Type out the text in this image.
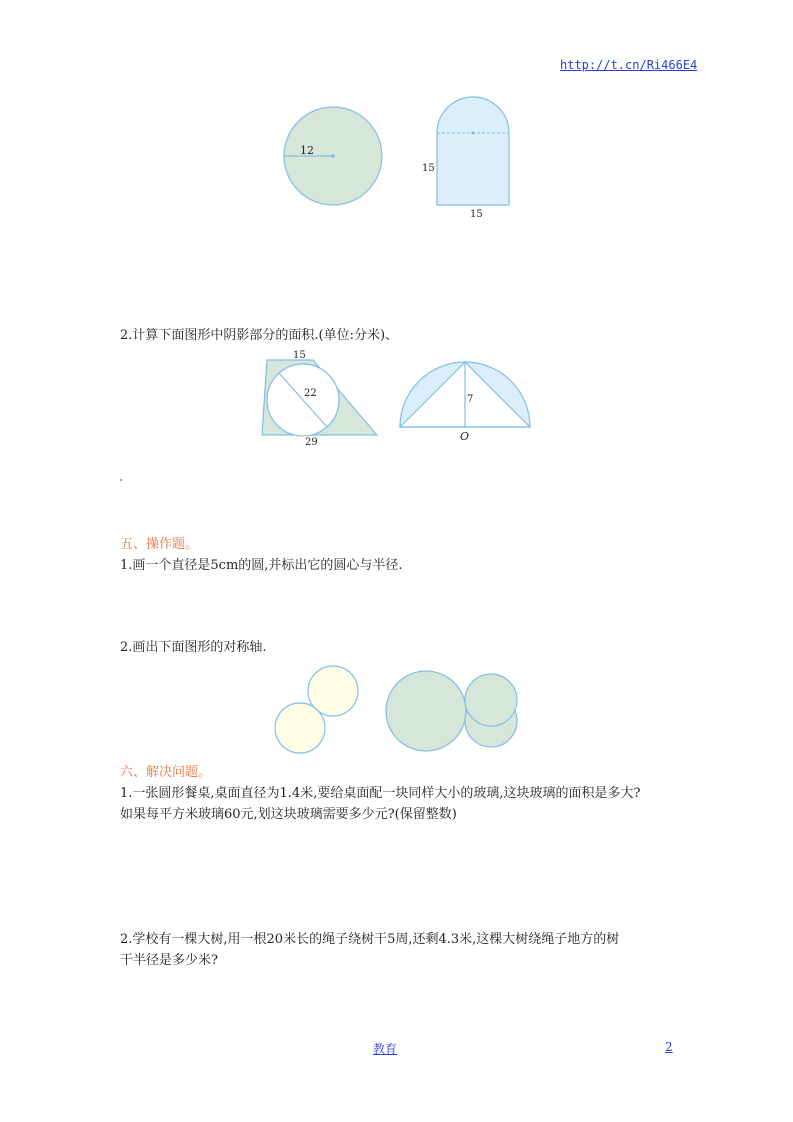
http://t.cn/Ri466E4
12
15
15
2.计算下面图形中阴影部分的面积.(单位:分米)、
15
22
29
7
O
五、操作题。
1.画一个直径是5cm的圆,并标出它的圆心与半径.
2.画出下面图形的对称轴.
六、解决问题。
1.一张圆形餐桌,桌面直径为1.4米,要给桌面配一块同样大小的玻璃,这块玻璃的面积是多大?
如果每平方米玻璃60元,划这块玻璃需要多少元?(保留整数)
2.学校有一棵大树,用一根20米长的绳子绕树干5周,还剩4.3米,这棵大树绕绳子地方的树
干半径是多少米?
教育	2
